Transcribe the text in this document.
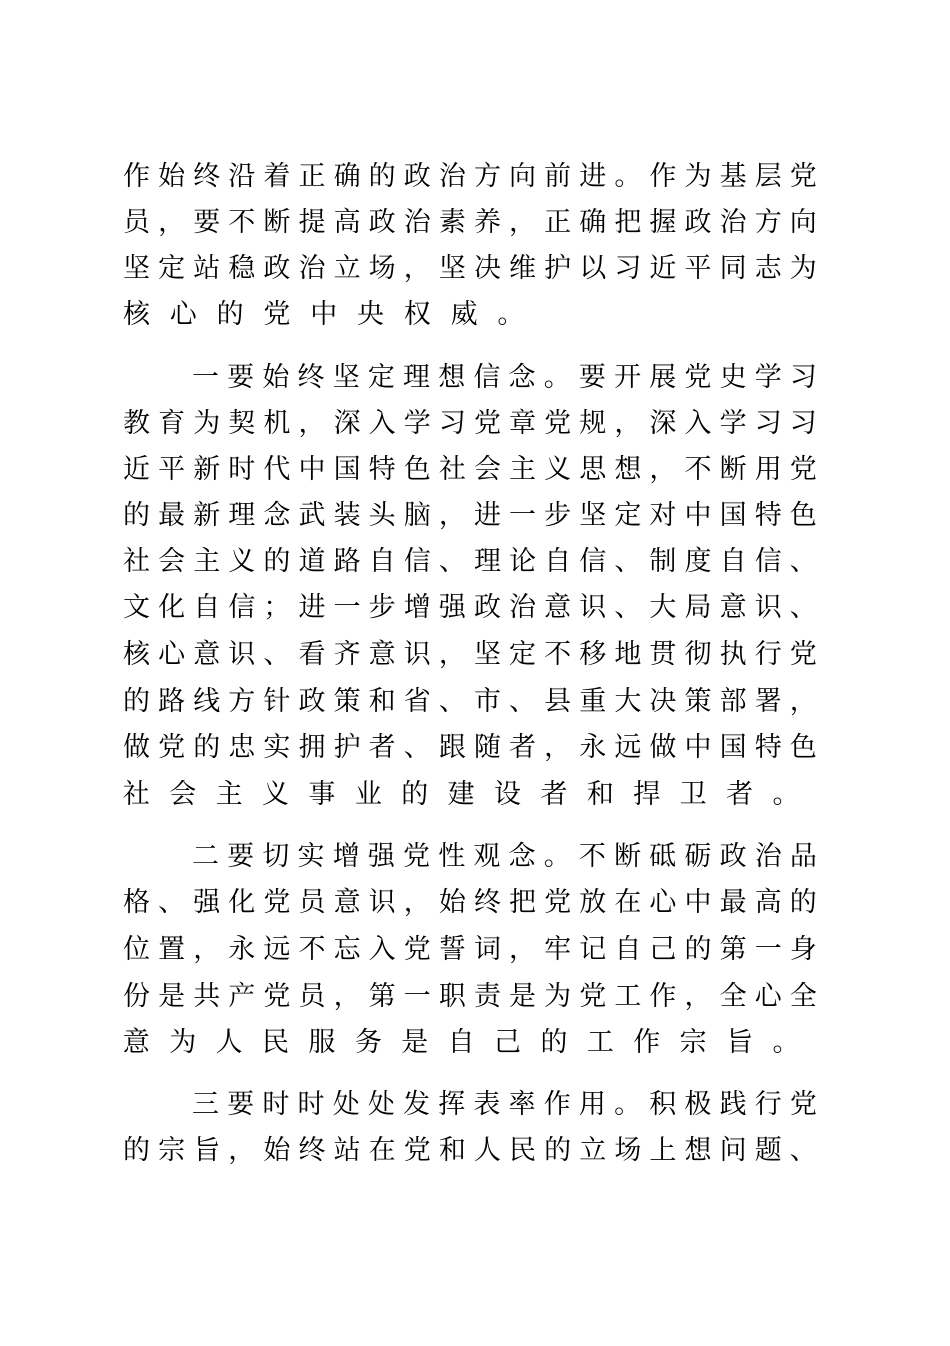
作 始 终 沿 着 正 确 的 政 治 方 向 前 进 。 作 为 基 层 党
员 ， 要 不 断 提 高 政 治 素 养 ， 正 确 把 握 政 治 方 向
坚 定 站 稳 政 治 立 场 ， 坚 决 维 护 以 习 近 平 同 志 为
核 心 的 党 中 央 权 威 。
一 要 始 终 坚 定 理 想 信 念 。 要 开 展 党 史 学 习
教 育 为 契 机 ， 深 入 学 习 党 章 党 规 ， 深 入 学 习 习
近 平 新 时 代 中 国 特 色 社 会 主 义 思 想 ， 不 断 用 党
的 最 新 理 念 武 装 头 脑 ， 进 一 步 坚 定 对 中 国 特 色
社 会 主 义 的 道 路 自 信 、 理 论 自 信 、 制 度 自 信 、
文 化 自 信 ； 进 一 步 增 强 政 治 意 识 、 大 局 意 识 、
核 心 意 识 、 看 齐 意 识 ， 坚 定 不 移 地 贯 彻 执 行 党
的 路 线 方 针 政 策 和 省 、 市 、 县 重 大 决 策 部 署 ，
做 党 的 忠 实 拥 护 者 、 跟 随 者 ， 永 远 做 中 国 特 色
社 会 主 义 事 业 的 建 设 者 和 捍 卫 者 。
二 要 切 实 增 强 党 性 观 念 。 不 断 砥 砺 政 治 品
格 、 强 化 党 员 意 识 ， 始 终 把 党 放 在 心 中 最 高 的
位 置 ， 永 远 不 忘 入 党 誓 词 ， 牢 记 自 己 的 第 一 身
份 是 共 产 党 员 ， 第 一 职 责 是 为 党 工 作 ， 全 心 全
意 为 人 民 服 务 是 自 己 的 工 作 宗 旨 。
三 要 时 时 处 处 发 挥 表 率 作 用 。 积 极 践 行 党
的 宗 旨 ， 始 终 站 在 党 和 人 民 的 立 场 上 想 问 题 、
